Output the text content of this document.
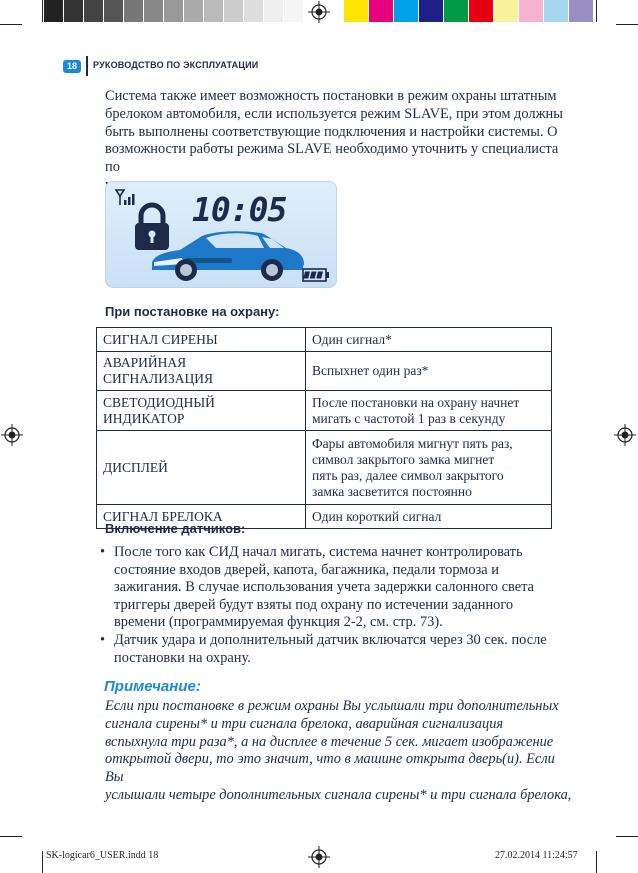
18	РУКОВОДСТВО ПО ЭКСПЛУАТАЦИИ

Система также имеет возможность постановки в режим охраны штатным

брелоком автомобиля, если используется режим SLAVE, при этом должны

быть выполнены соответствующие подключения и настройки системы. О

возможности работы режима SLAVE необходимо уточнить у специалиста по

10:05
При постановке на охрану:
СИГНАЛ СИРЕНЫ	Один сигнал*
АВАРИЙНАЯ СИГНАЛИЗАЦИЯ	Вспыхнет один раз*
СВЕТОДИОДНЫЙ
ИНДИКАТОР	После постановки на охрану начнет
мигать с частотой 1 раз в секунду
ДИСПЛЕЙ	Фары автомобиля мигнут пять раз,
символ закрытого замка мигнет
пять раз, далее символ закрытого
замка засветится постоянно
СИГНАЛ БРЕЛОКА	Один короткий сигнал
Включение датчиков:
• После того как СИД начал мигать, система начнет контролировать
состояние входов дверей, капота, багажника, педали тормоза и
зажигания. В случае использования учета задержки салонного света
триггеры дверей будут взяты под охрану по истечении заданного
времени (программируемая функция 2-2, см. стр. 73).
• Датчик удара и дополнительный датчик включатся через 30 сек. после
постановки на охрану.
Примечание:
Если при постановке в режим охраны Вы услышали три дополнительных
сигнала сирены* и три сигнала брелока, аварийная сигнализация
вспыхнула три раза*, а на дисплее в течение 5 сек. мигает изображение
открытой двери, то это значит, что в машине открыта дверь(и). Если Вы
услышали четыре дополнительных сигнала сирены* и три сигнала брелока,
SK-logicar6_USER.indd 18	27.02.2014 11:24:57
